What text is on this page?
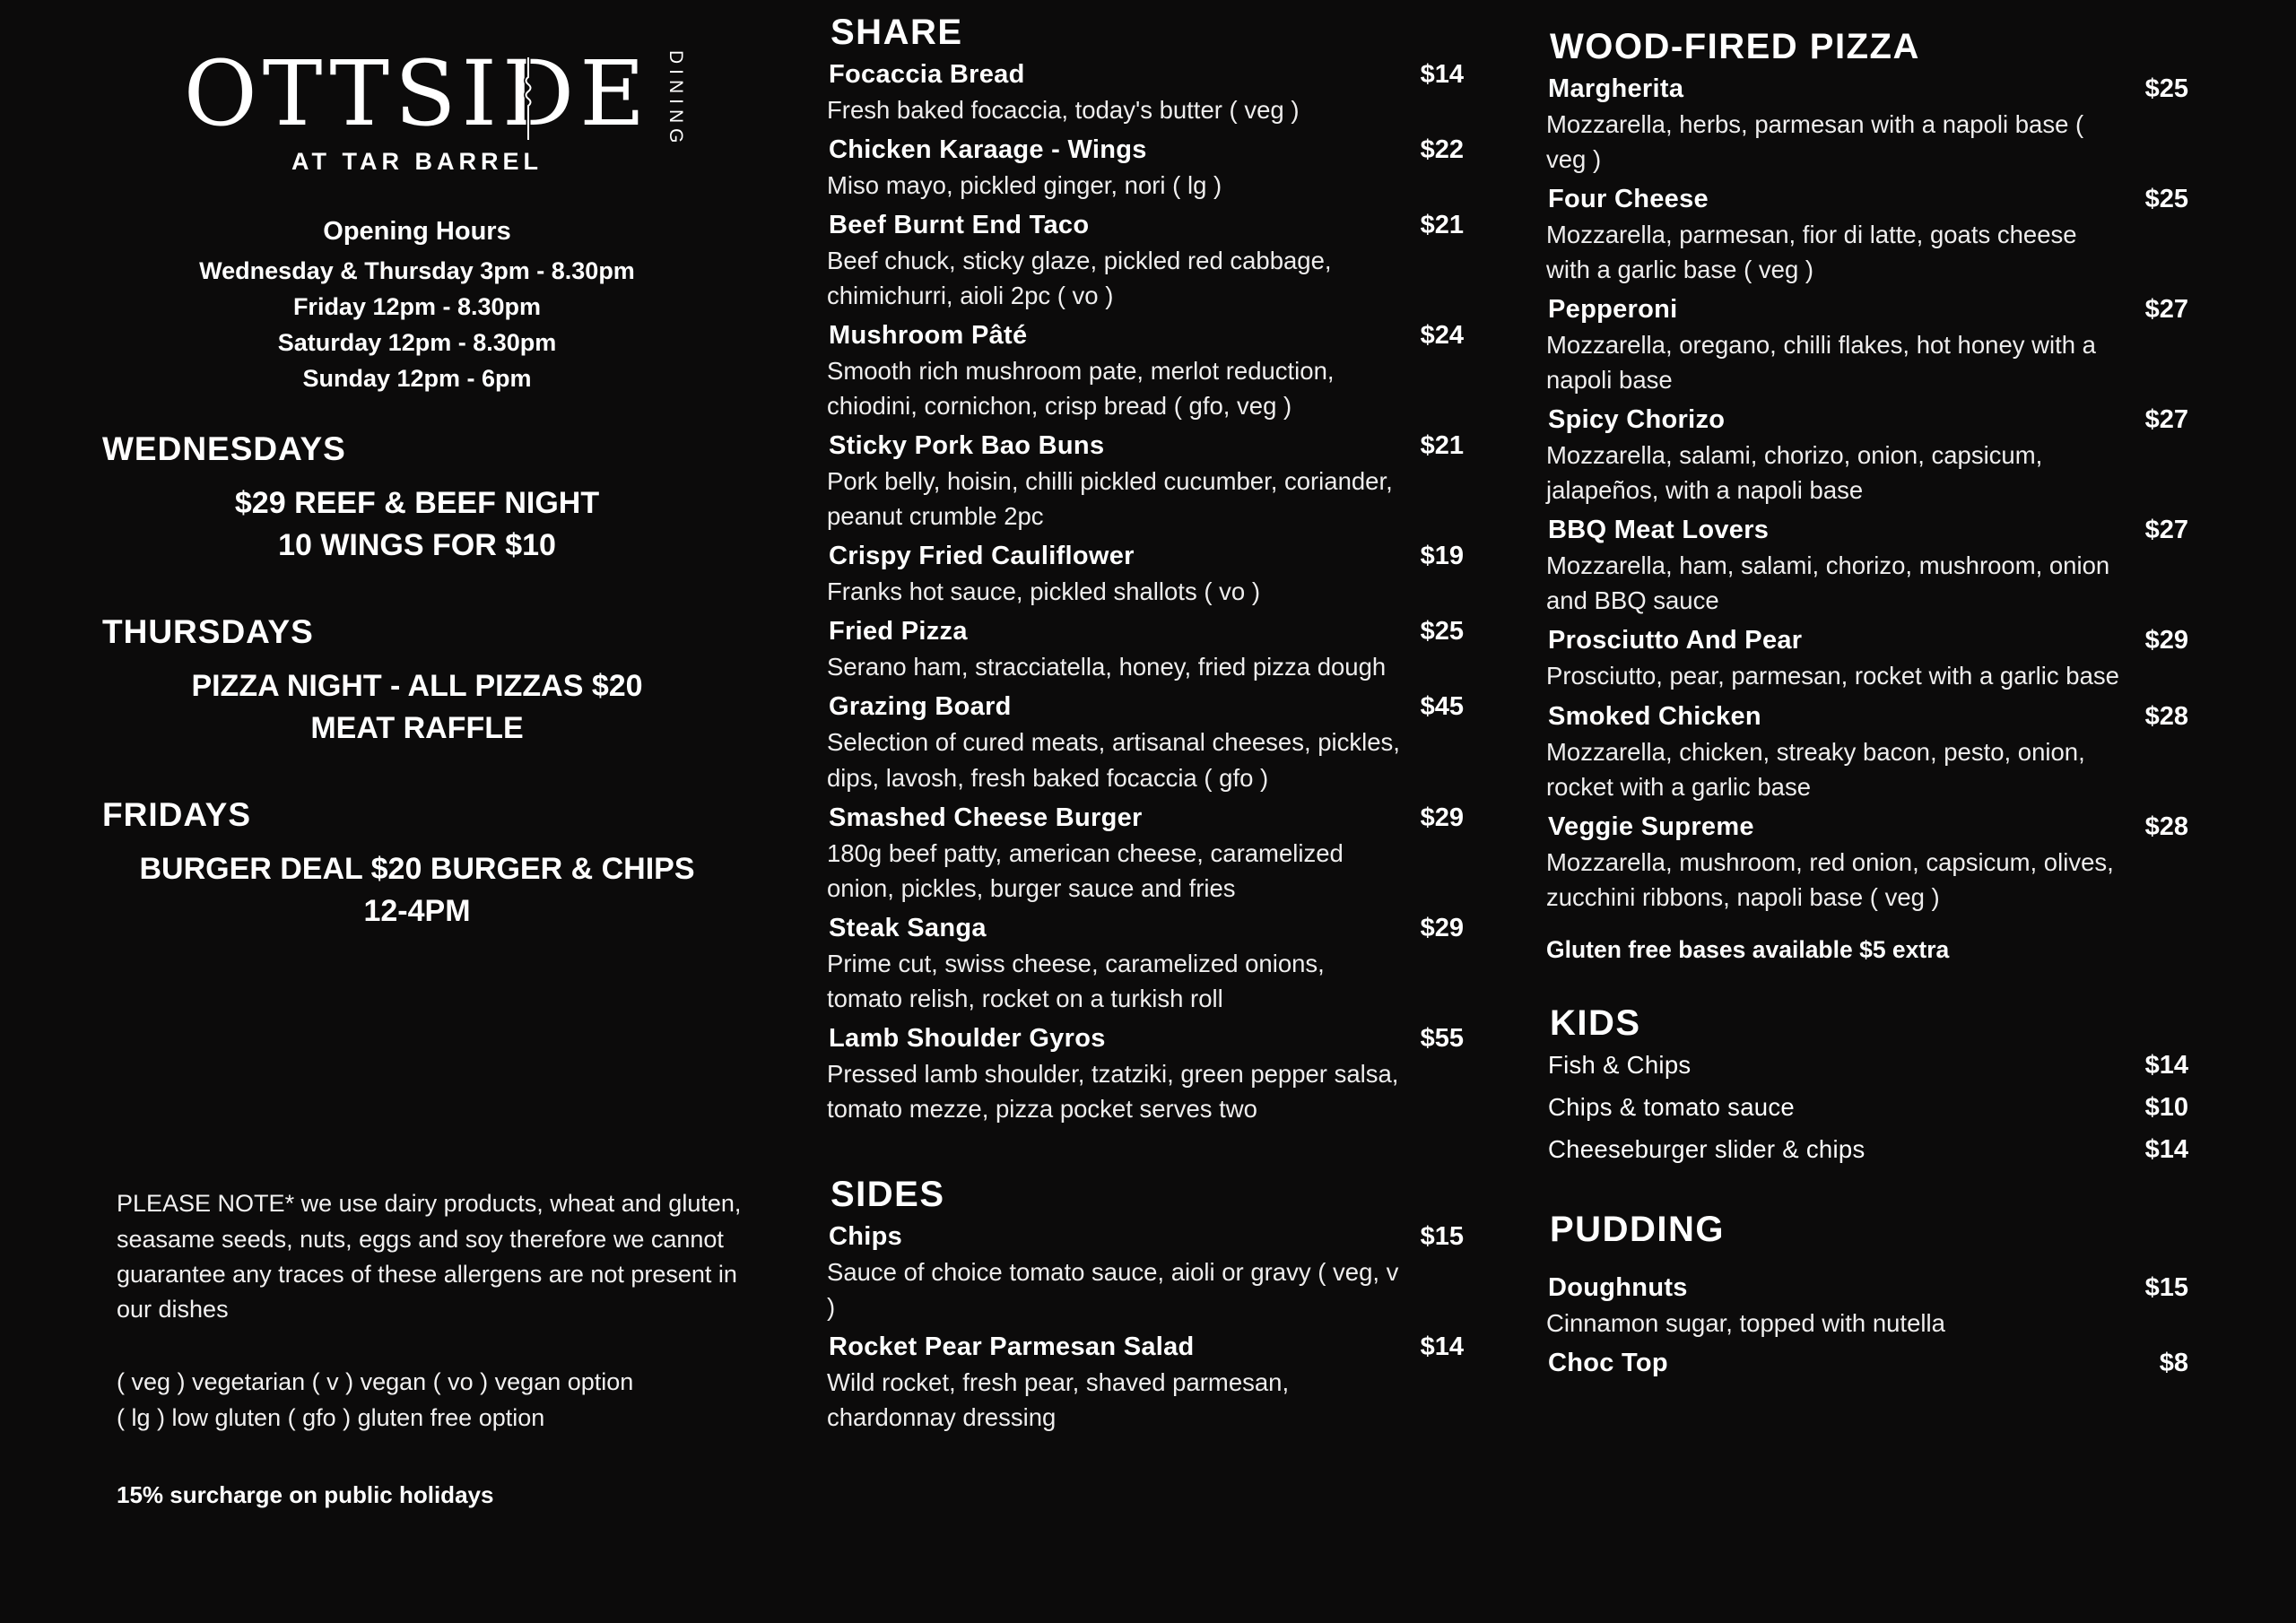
OTTSIDE DINING
AT TAR BARREL
Opening Hours
Wednesday & Thursday 3pm - 8.30pm
Friday 12pm - 8.30pm
Saturday 12pm - 8.30pm
Sunday 12pm - 6pm
WEDNESDAYS
$29 REEF & BEEF NIGHT
10 WINGS FOR $10
THURSDAYS
PIZZA NIGHT - ALL PIZZAS $20
MEAT RAFFLE
FRIDAYS
BURGER DEAL $20 BURGER & CHIPS
12-4PM

PLEASE NOTE* we use dairy products, wheat and gluten, seasame seeds, nuts, eggs and soy therefore we cannot guarantee any traces of these allergens are not present in our dishes

( veg ) vegetarian ( v ) vegan ( vo ) vegan option

( lg ) low gluten ( gfo ) gluten free option

15% surcharge on public holidays

SHARE
Focaccia Bread	$14
Fresh baked focaccia, today's butter ( veg )
Chicken Karaage - Wings	$22
Miso mayo, pickled ginger, nori ( lg )
Beef Burnt End Taco	$21
Beef chuck, sticky glaze, pickled red cabbage, chimichurri, aioli 2pc ( vo )
Mushroom Pâté	$24
Smooth rich mushroom pate, merlot reduction, chiodini, cornichon, crisp bread ( gfo, veg )
Sticky Pork Bao Buns	$21
Pork belly, hoisin, chilli pickled cucumber, coriander, peanut crumble 2pc
Crispy Fried Cauliflower	$19
Franks hot sauce, pickled shallots ( vo )
Fried Pizza	$25
Serano ham, stracciatella, honey, fried pizza dough
Grazing Board	$45
Selection of cured meats, artisanal cheeses, pickles, dips, lavosh, fresh baked focaccia ( gfo )
Smashed Cheese Burger	$29
180g beef patty, american cheese, caramelized onion, pickles, burger sauce and fries
Steak Sanga	$29
Prime cut, swiss cheese, caramelized onions, tomato relish, rocket on a turkish roll
Lamb Shoulder Gyros	$55
Pressed lamb shoulder, tzatziki, green pepper salsa, tomato mezze, pizza pocket serves two
SIDES
Chips	$15
Sauce of choice tomato sauce, aioli or gravy ( veg, v )
Rocket Pear Parmesan Salad	$14
Wild rocket, fresh pear, shaved parmesan, chardonnay dressing
WOOD-FIRED PIZZA
Margherita	$25
Mozzarella, herbs, parmesan with a napoli base ( veg )
Four Cheese	$25
Mozzarella, parmesan, fior di latte, goats cheese with a garlic base ( veg )
Pepperoni	$27
Mozzarella, oregano, chilli flakes, hot honey with a napoli base
Spicy Chorizo	$27
Mozzarella, salami, chorizo, onion, capsicum, jalapeños, with a napoli base
BBQ Meat Lovers	$27
Mozzarella, ham, salami, chorizo, mushroom, onion and BBQ sauce
Prosciutto And Pear	$29
Prosciutto, pear, parmesan, rocket with a garlic base
Smoked Chicken	$28
Mozzarella, chicken, streaky bacon, pesto, onion, rocket with a garlic base
Veggie Supreme	$28
Mozzarella, mushroom, red onion, capsicum, olives, zucchini ribbons, napoli base ( veg )
Gluten free bases available $5 extra
KIDS
Fish & Chips	$14
Chips & tomato sauce	$10
Cheeseburger slider & chips	$14
PUDDING
Doughnuts	$15
Cinnamon sugar, topped with nutella
Choc Top	$8
